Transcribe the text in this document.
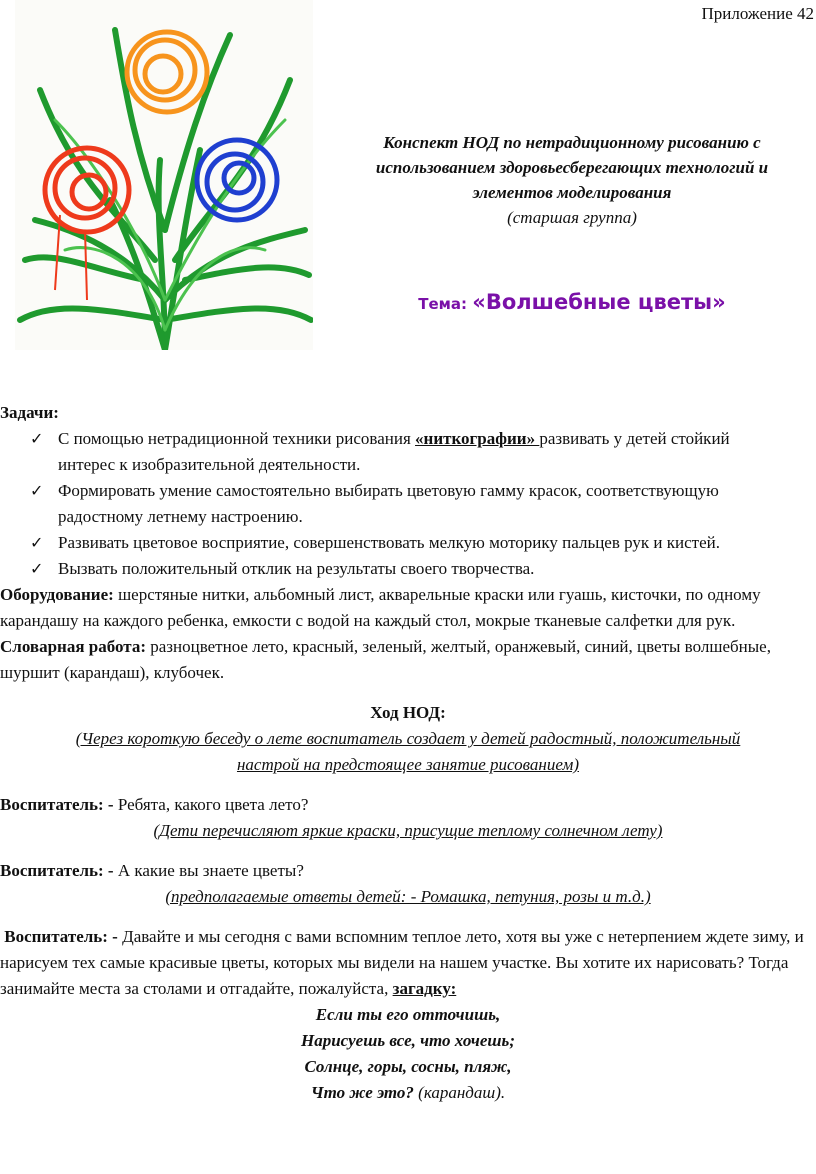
Приложение 42
Конспект НОД по нетрадиционному рисованию с
использованием здоровьесберегающих технологий и
элементов моделирования
(старшая группа)
Тема: «Волшебные цветы»
Задачи:
✓ С помощью нетрадиционной техники рисования «ниткографии» развивать у детей стойкий интерес к изобразительной деятельности.
✓ Формировать умение самостоятельно выбирать цветовую гамму красок, соответствующую радостному летнему настроению.
✓ Развивать цветовое восприятие, совершенствовать мелкую моторику пальцев рук и кистей.
✓ Вызвать положительный отклик на результаты своего творчества.

Оборудование: шерстяные нитки, альбомный лист, акварельные краски или гуашь, кисточки, по одному карандашу на каждого ребенка, емкости с водой на каждый стол, мокрые тканевые салфетки для рук.

Словарная работа: разноцветное лето, красный, зеленый, желтый, оранжевый, синий, цветы волшебные, шуршит (карандаш), клубочек.

Ход НОД:
(Через короткую беседу о лете воспитатель создает у детей радостный, положительный
настрой на предстоящее занятие рисованием)
Воспитатель: - Ребята, какого цвета лето?
(Дети перечисляют яркие краски, присущие теплому солнечном лету)
Воспитатель: - А какие вы знаете цветы?
(предполагаемые ответы детей: - Ромашка, петуния, розы и т.д.)

Воспитатель: - Давайте и мы сегодня с вами вспомним теплое лето, хотя вы уже с нетерпением ждете зиму, и нарисуем тех самые красивые цветы, которых мы видели на нашем участке. Вы хотите их нарисовать? Тогда занимайте места за столами и отгадайте, пожалуйста, загадку:

Если ты его отточишь,
Нарисуешь все, что хочешь;
Солнце, горы, сосны, пляж,
Что же это? (карандаш).
